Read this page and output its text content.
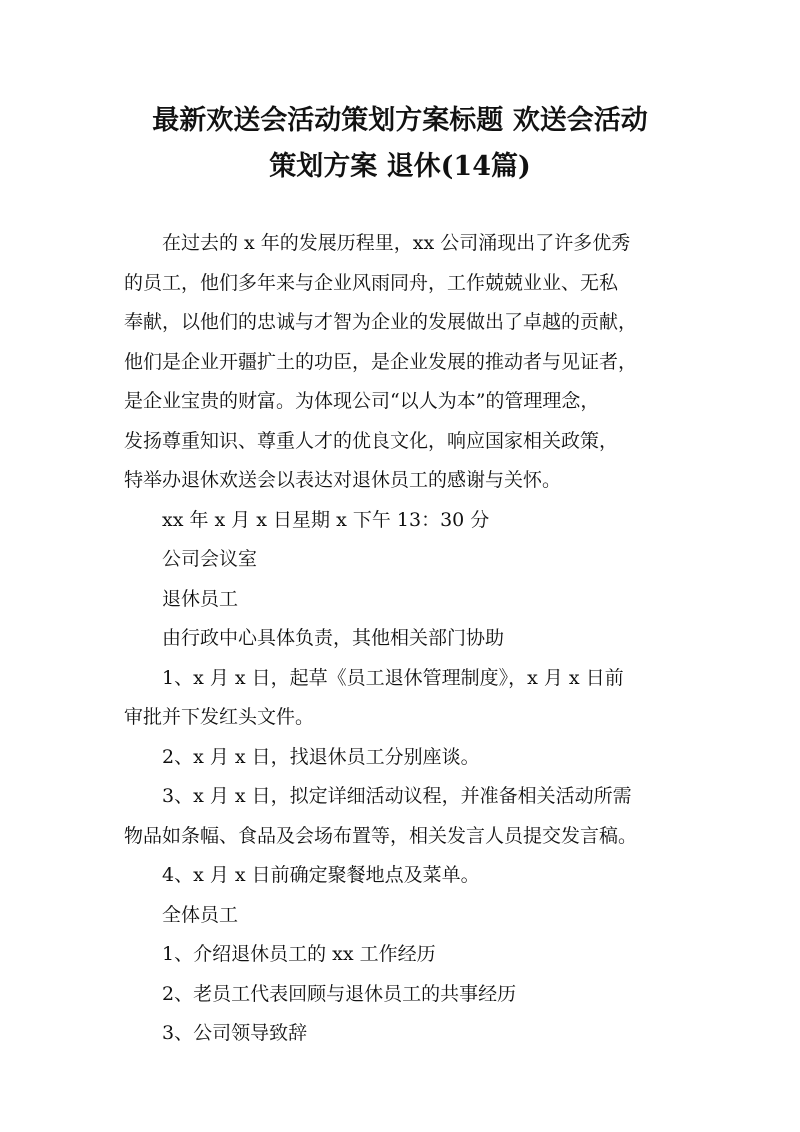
最新欢送会活动策划方案标题 欢送会活动
策划方案 退休(14篇)

在过去的 x 年的发展历程里，xx 公司涌现出了许多优秀
的员工，他们多年来与企业风雨同舟，工作兢兢业业、无私
奉献，以他们的忠诚与才智为企业的发展做出了卓越的贡献，
他们是企业开疆扩土的功臣，是企业发展的推动者与见证者，
是企业宝贵的财富。为体现公司“以人为本”的管理理念，
发扬尊重知识、尊重人才的优良文化，响应国家相关政策，
特举办退休欢送会以表达对退休员工的感谢与关怀。

xx 年 x 月 x 日星期 x 下午 13：30 分

公司会议室

退休员工

由行政中心具体负责，其他相关部门协助

1、x 月 x 日，起草《员工退休管理制度》，x 月 x 日前
审批并下发红头文件。

2、x 月 x 日，找退休员工分别座谈。

3、x 月 x 日，拟定详细活动议程，并准备相关活动所需
物品如条幅、食品及会场布置等，相关发言人员提交发言稿。

4、x 月 x 日前确定聚餐地点及菜单。

全体员工

1、介绍退休员工的 xx 工作经历

2、老员工代表回顾与退休员工的共事经历

3、公司领导致辞
